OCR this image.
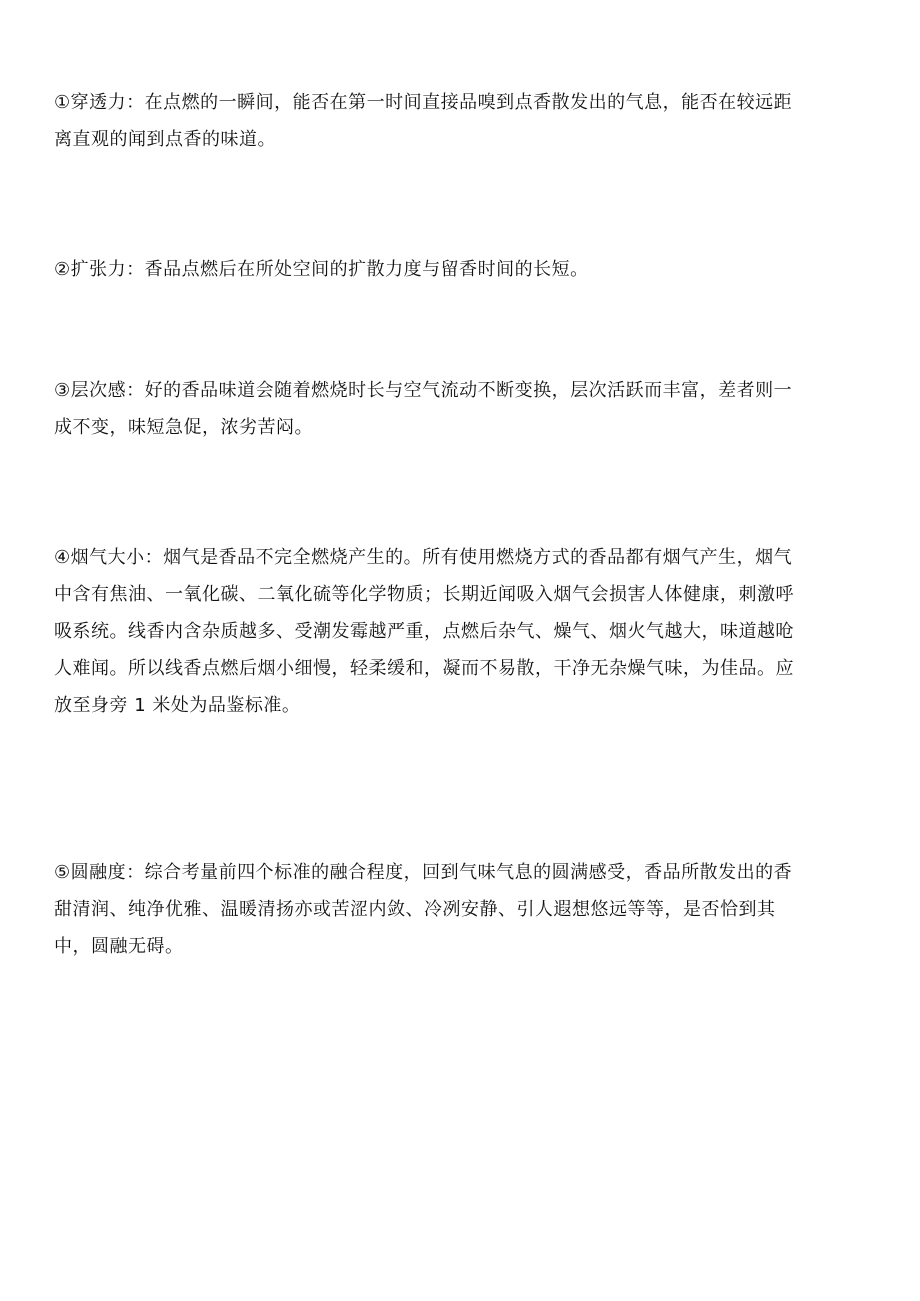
①穿透力：在点燃的一瞬间，能否在第一时间直接品嗅到点香散发出的气息，能否在较远距
离直观的闻到点香的味道。
②扩张力：香品点燃后在所处空间的扩散力度与留香时间的长短。
③层次感：好的香品味道会随着燃烧时长与空气流动不断变换，层次活跃而丰富，差者则一
成不变，味短急促，浓劣苦闷。
④烟气大小：烟气是香品不完全燃烧产生的。所有使用燃烧方式的香品都有烟气产生，烟气
中含有焦油、一氧化碳、二氧化硫等化学物质；长期近闻吸入烟气会损害人体健康，刺激呼
吸系统。线香内含杂质越多、受潮发霉越严重，点燃后杂气、燥气、烟火气越大，味道越呛
人难闻。所以线香点燃后烟小细慢，轻柔缓和，凝而不易散，干净无杂燥气味，为佳品。应
放至身旁 1 米处为品鉴标准。
⑤圆融度：综合考量前四个标准的融合程度，回到气味气息的圆满感受，香品所散发出的香
甜清润、纯净优雅、温暖清扬亦或苦涩内敛、冷冽安静、引人遐想悠远等等，是否恰到其
中，圆融无碍。
